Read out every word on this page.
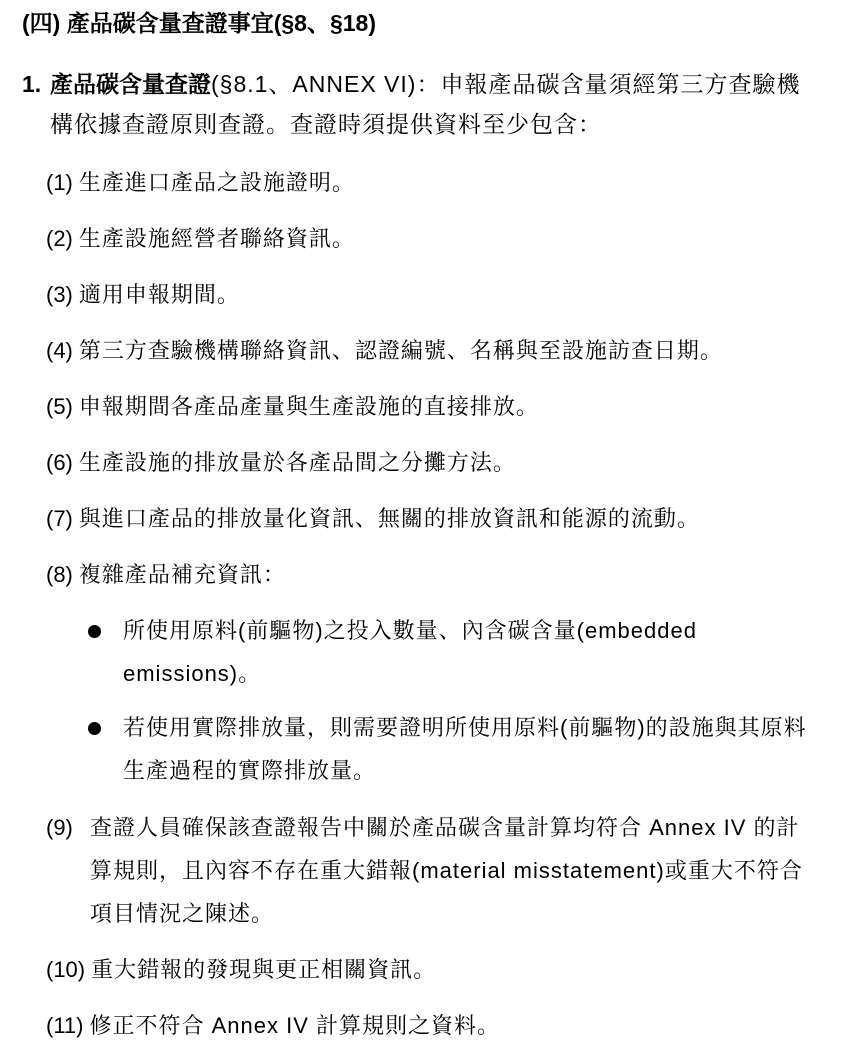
(四) 產品碳含量查證事宜(§8、§18)
1. 產品碳含量查證(§8.1、ANNEX VI)：申報產品碳含量須經第三方查驗機構依據查證原則查證。查證時須提供資料至少包含：
(1) 生產進口產品之設施證明。
(2) 生產設施經營者聯絡資訊。
(3) 適用申報期間。
(4) 第三方查驗機構聯絡資訊、認證編號、名稱與至設施訪查日期。
(5) 申報期間各產品產量與生產設施的直接排放。
(6) 生產設施的排放量於各產品間之分攤方法。
(7) 與進口產品的排放量化資訊、無關的排放資訊和能源的流動。
(8) 複雜產品補充資訊：
所使用原料(前驅物)之投入數量、內含碳含量(embedded emissions)。
若使用實際排放量，則需要證明所使用原料(前驅物)的設施與其原料生產過程的實際排放量。
(9) 查證人員確保該查證報告中關於產品碳含量計算均符合 Annex IV 的計算規則，且內容不存在重大錯報(material misstatement)或重大不符合項目情況之陳述。
(10) 重大錯報的發現與更正相關資訊。
(11) 修正不符合 Annex IV 計算規則之資料。
